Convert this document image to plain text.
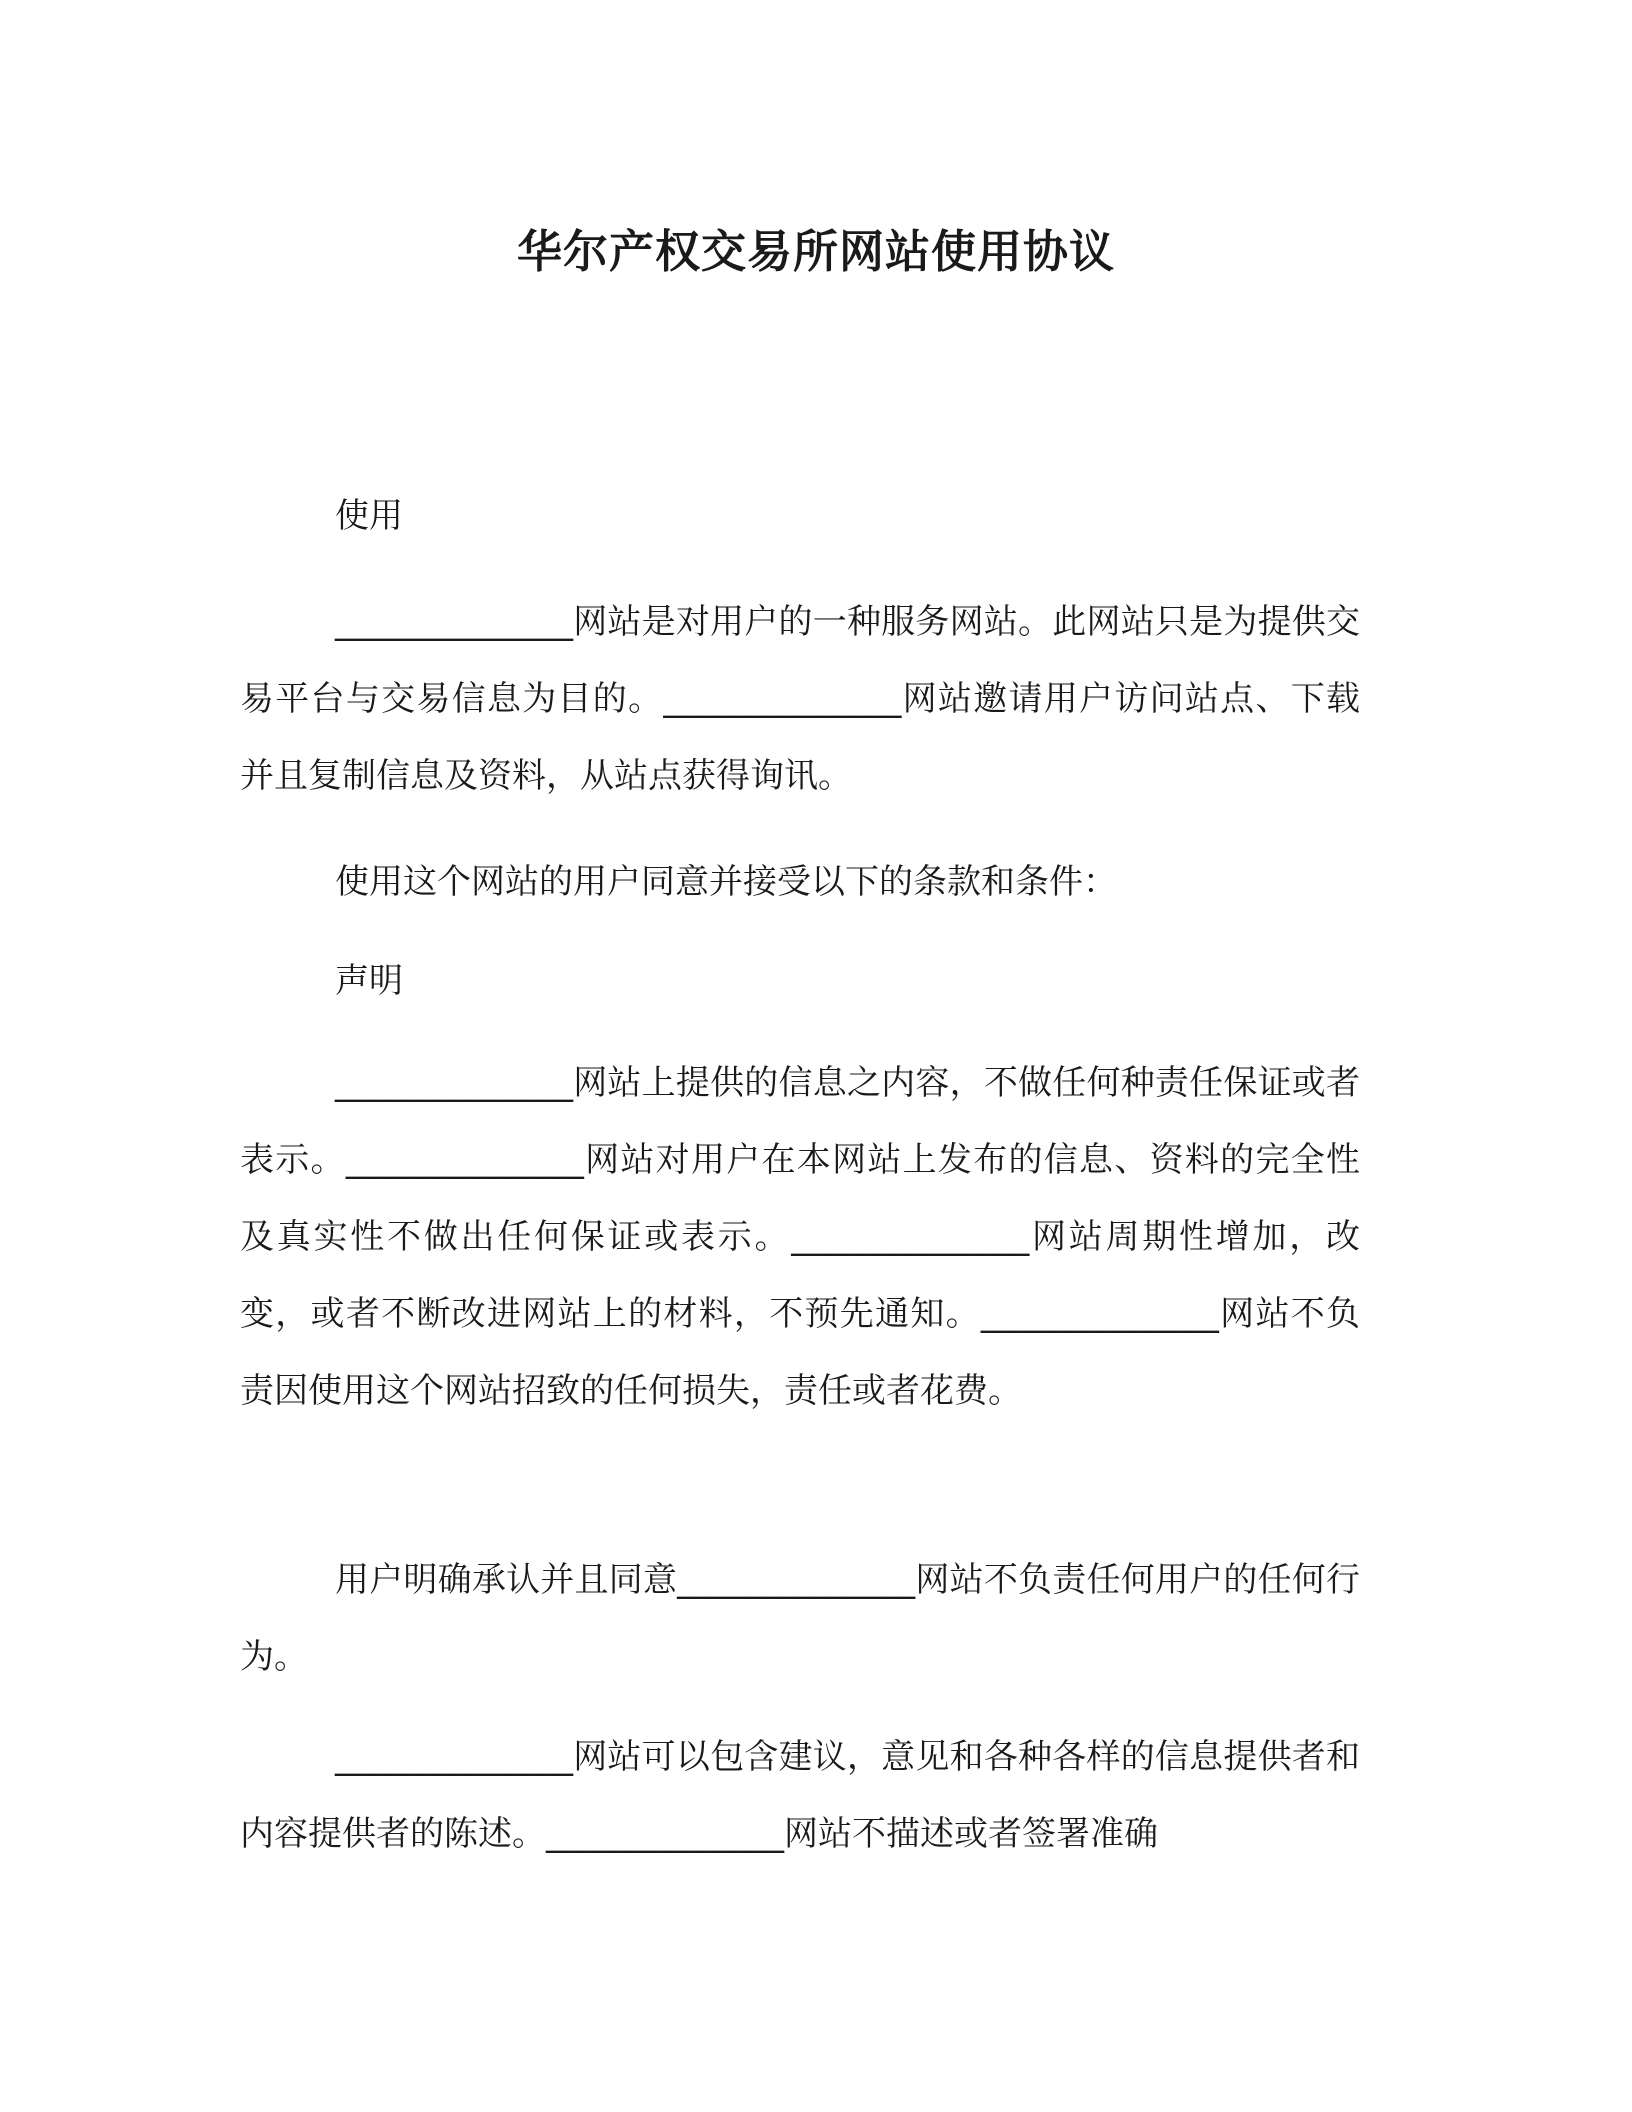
华尔产权交易所网站使用协议

使用

______________网站是对用户的一种服务网站。此网站只是为提供交易平台与交易信息为目的。______________网站邀请用户访问站点、下载并且复制信息及资料，从站点获得询讯。

使用这个网站的用户同意并接受以下的条款和条件：

声明

______________网站上提供的信息之内容，不做任何种责任保证或者表示。______________网站对用户在本网站上发布的信息、资料的完全性及真实性不做出任何保证或表示。______________网站周期性增加，改变，或者不断改进网站上的材料，不预先通知。______________网站不负责因使用这个网站招致的任何损失，责任或者花费。

用户明确承认并且同意______________网站不负责任何用户的任何行为。

______________网站可以包含建议，意见和各种各样的信息提供者和内容提供者的陈述。______________网站不描述或者签署准确
